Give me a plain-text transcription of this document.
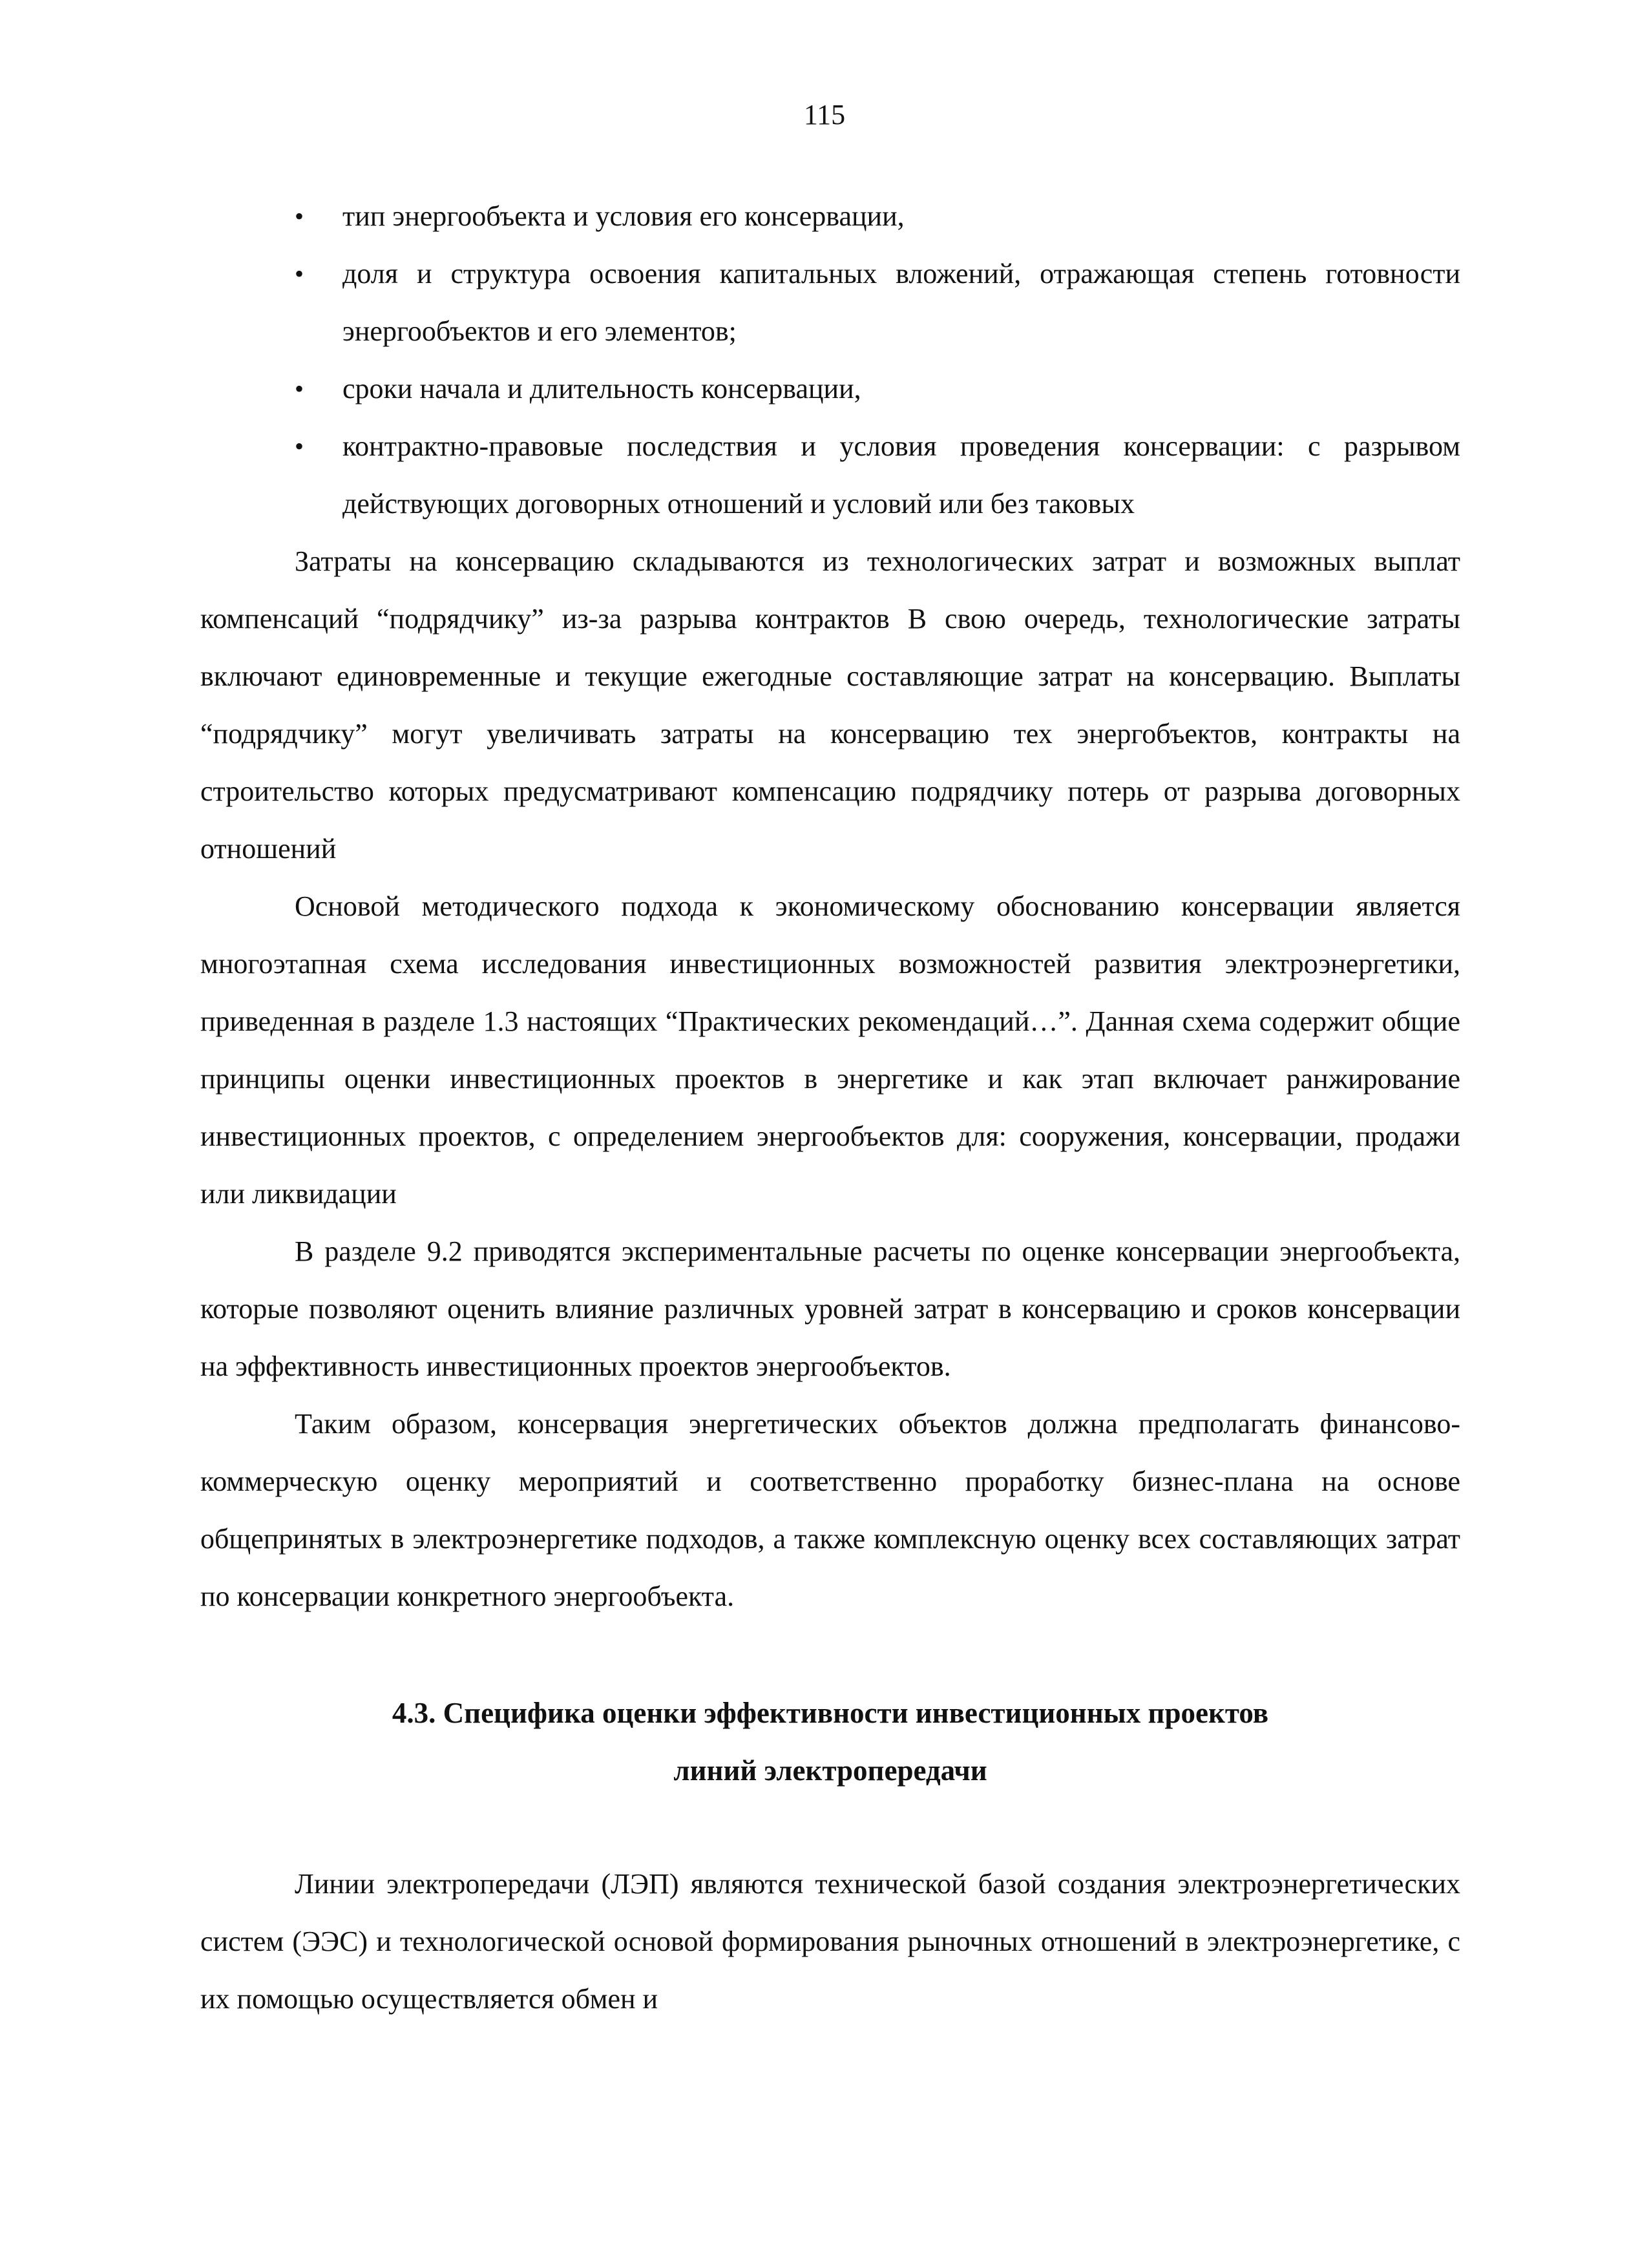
115
• тип энергообъекта и условия его консервации,
• доля и структура освоения капитальных вложений, отражающая степень готовности энергообъектов и его элементов;
• сроки начала и длительность консервации,
• контрактно-правовые последствия и условия проведения консервации: с разрывом действующих договорных отношений и условий или без таковых

Затраты на консервацию складываются из технологических затрат и возможных выплат компенсаций “подрядчику” из-за разрыва контрактов В свою очередь, технологические затраты включают единовременные и текущие ежегодные составляющие затрат на консервацию. Выплаты “подрядчику” могут увеличивать затраты на консервацию тех энергобъектов, контракты на строительство которых предусматривают компенсацию подрядчику потерь от разрыва договорных отношений

Основой методического подхода к экономическому обоснованию консервации является многоэтапная схема исследования инвестиционных возможностей развития электроэнергетики, приведенная в разделе 1.3 настоящих “Практических рекомендаций…”. Данная схема содержит общие принципы оценки инвестиционных проектов в энергетике и как этап включает ранжирование инвестиционных проектов, с определением энергообъектов для: сооружения, консервации, продажи или ликвидации

В разделе 9.2 приводятся экспериментальные расчеты по оценке консервации энергообъекта, которые позволяют оценить влияние различных уровней затрат в консервацию и сроков консервации на эффективность инвестиционных проектов энергообъектов.

Таким образом, консервация энергетических объектов должна предполагать финансово-коммерческую оценку мероприятий и соответственно проработку бизнес-плана на основе общепринятых в электроэнергетике подходов, а также комплексную оценку всех составляющих затрат по консервации конкретного энергообъекта.

4.3. Специфика оценки эффективности инвестиционных проектов
линий электропередачи

Линии электропередачи (ЛЭП) являются технической базой создания электроэнергетических систем (ЭЭС) и технологической основой формирования рыночных отношений в электроэнергетике, с их помощью осуществляется обмен и
